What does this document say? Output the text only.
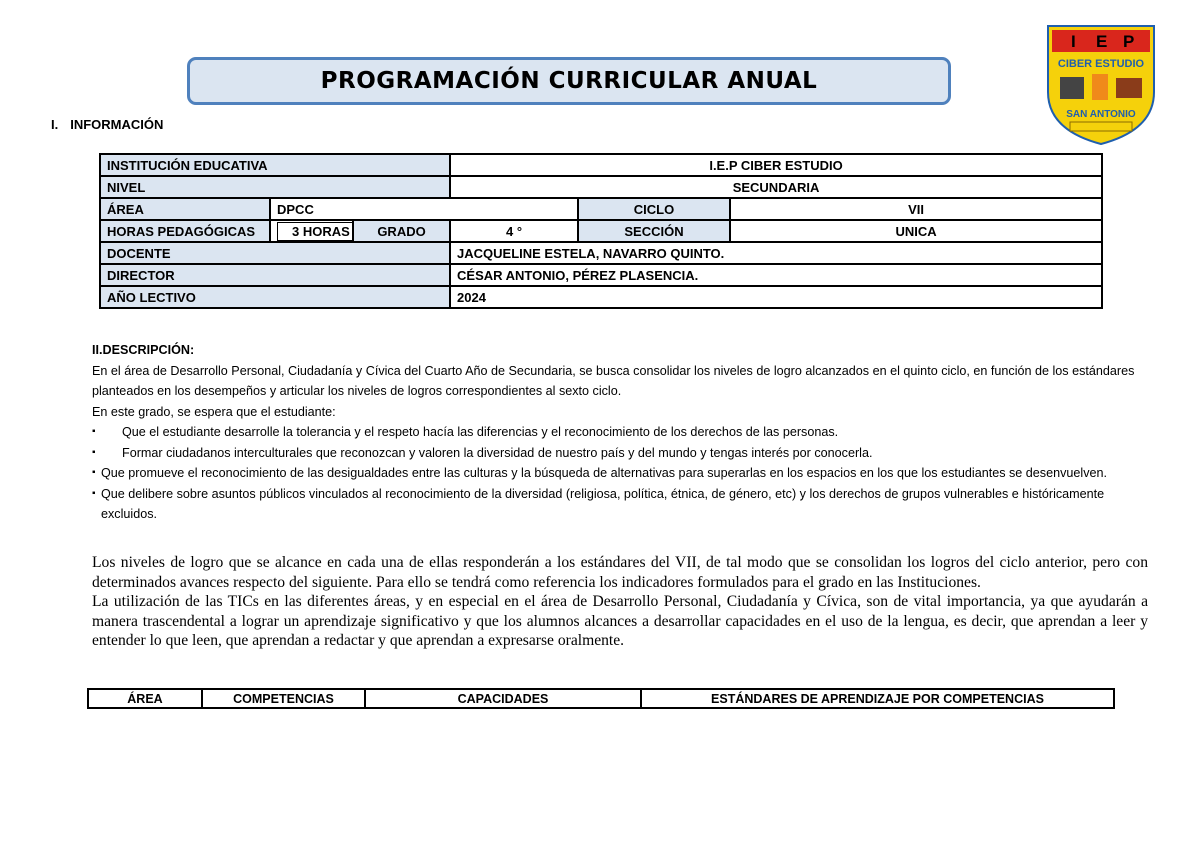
PROGRAMACIÓN CURRICULAR ANUAL
I. INFORMACIÓN
I E P
CIBER ESTUDIO
SAN ANTONIO
INSTITUCIÓN EDUCATIVA			I.E.P CIBER ESTUDIO		
NIVEL			SECUNDARIA		
ÁREA	DPCC			CICLO	VII
HORAS PEDAGÓGICAS	3 HORAS	GRADO	4 °	SECCIÓN	UNICA
DOCENTE			JACQUELINE ESTELA, NAVARRO QUINTO.		
DIRECTOR			CÉSAR ANTONIO, PÉREZ PLASENCIA.		
AÑO LECTIVO			2024		

II.DESCRIPCIÓN:

En el área de Desarrollo Personal, Ciudadanía y Cívica del Cuarto Año de Secundaria, se busca consolidar los niveles de logro alcanzados en el quinto ciclo, en función de los estándares planteados en los desempeños y articular los niveles de logros correspondientes al sexto ciclo.

En este grado, se espera que el estudiante:

▪ Que el estudiante desarrolle la tolerancia y el respeto hacía las diferencias y el reconocimiento de los derechos de las personas.

▪ Formar ciudadanos interculturales que reconozcan y valoren la diversidad de nuestro país y del mundo y tengas interés por conocerla.

▪ Que promueve el reconocimiento de las desigualdades entre las culturas y la búsqueda de alternativas para superarlas en los espacios en los que los estudiantes se desenvuelven.

▪ Que delibere sobre asuntos públicos vinculados al reconocimiento de la diversidad (religiosa, política, étnica, de género, etc) y los derechos de grupos vulnerables e históricamente excluidos.

Los niveles de logro que se alcance en cada una de ellas responderán a los estándares del VII, de tal modo que se consolidan los logros del ciclo anterior, pero con determinados avances respecto del siguiente. Para ello se tendrá como referencia los indicadores formulados para el grado en las Instituciones.

La utilización de las TICs en las diferentes áreas, y en especial en el área de Desarrollo Personal, Ciudadanía y Cívica, son de vital importancia, ya que ayudarán a manera trascendental a lograr un aprendizaje significativo y que los alumnos alcances a desarrollar capacidades en el uso de la lengua, es decir, que aprendan a leer y entender lo que leen, que aprendan a redactar y que aprendan a expresarse oralmente.

ÁREA	COMPETENCIAS	CAPACIDADES	ESTÁNDARES DE APRENDIZAJE POR COMPETENCIAS
